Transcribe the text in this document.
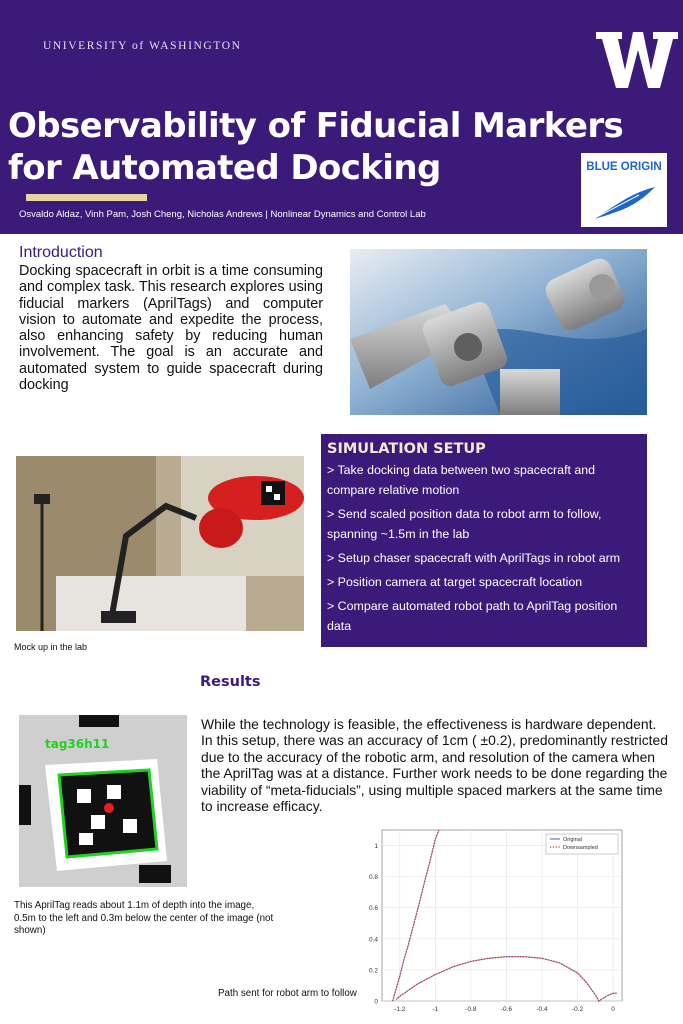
UNIVERSITY of WASHINGTON
Observability of Fiducial Markers
for Automated Docking
Osvaldo Aldaz, Vinh Pam, Josh Cheng, Nicholas Andrews | Nonlinear Dynamics and Control Lab
BLUE ORIGIN
Introduction
Docking spacecraft in orbit is a time consuming and complex task. This research explores using fiducial markers (AprilTags) and computer vision to automate and expedite the process, also enhancing safety by reducing human involvement. The goal is an accurate and automated system to guide spacecraft during docking
Mock up in the lab
SIMULATION SETUP
> Take docking data between two spacecraft and compare relative motion
> Send scaled position data to robot arm to follow, spanning ~1.5m in the lab
> Setup chaser spacecraft with AprilTags in robot arm
> Position camera at target spacecraft location
> Compare automated robot path to AprilTag position data
Results
While the technology is feasible, the effectiveness is hardware dependent. In this setup, there was an accuracy of 1cm ( ±0.2), predominantly restricted due to the accuracy of the robotic arm, and resolution of the camera when the AprilTag was at a distance. Further work needs to be done regarding the viability of “meta-fiducials”, using multiple spaced markers at the same time to increase efficacy.
tag36h11
This AprilTag reads about 1.1m of depth into the image, 0.5m to the left and 0.3m below the center of the image (not shown)
Path sent for robot arm to follow
-1.2	-1	-0.8	-0.6	-0.4	-0.2	0
0
0.2
0.4
0.6
0.8
1
Original
Downsampled
